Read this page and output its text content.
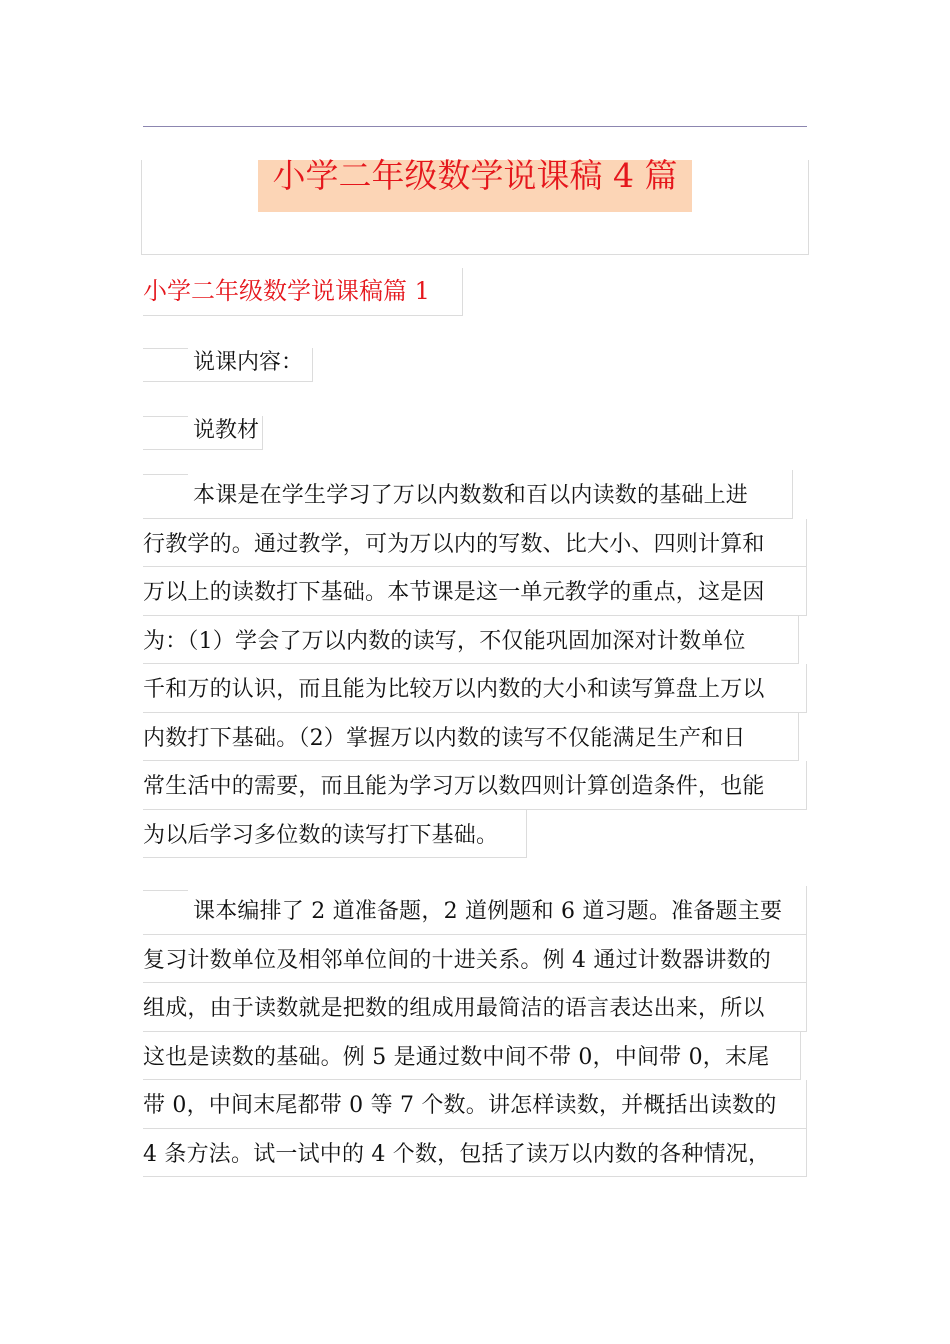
小学二年级数学说课稿 4 篇
小学二年级数学说课稿篇 1
说课内容：
说教材
本课是在学生学习了万以内数数和百以内读数的基础上进
行教学的。通过教学，可为万以内的写数、比大小、四则计算和
万以上的读数打下基础。本节课是这一单元教学的重点，这是因
为：（1）学会了万以内数的读写，不仅能巩固加深对计数单位
千和万的认识，而且能为比较万以内数的大小和读写算盘上万以
内数打下基础。（2）掌握万以内数的读写不仅能满足生产和日
常生活中的需要，而且能为学习万以数四则计算创造条件，也能
为以后学习多位数的读写打下基础。
课本编排了 2 道准备题，2 道例题和 6 道习题。准备题主要
复习计数单位及相邻单位间的十进关系。例 4 通过计数器讲数的
组成，由于读数就是把数的组成用最简洁的语言表达出来，所以
这也是读数的基础。例 5 是通过数中间不带 0，中间带 0，末尾
带 0，中间末尾都带 0 等 7 个数。讲怎样读数，并概括出读数的
4 条方法。试一试中的 4 个数，包括了读万以内数的各种情况，
